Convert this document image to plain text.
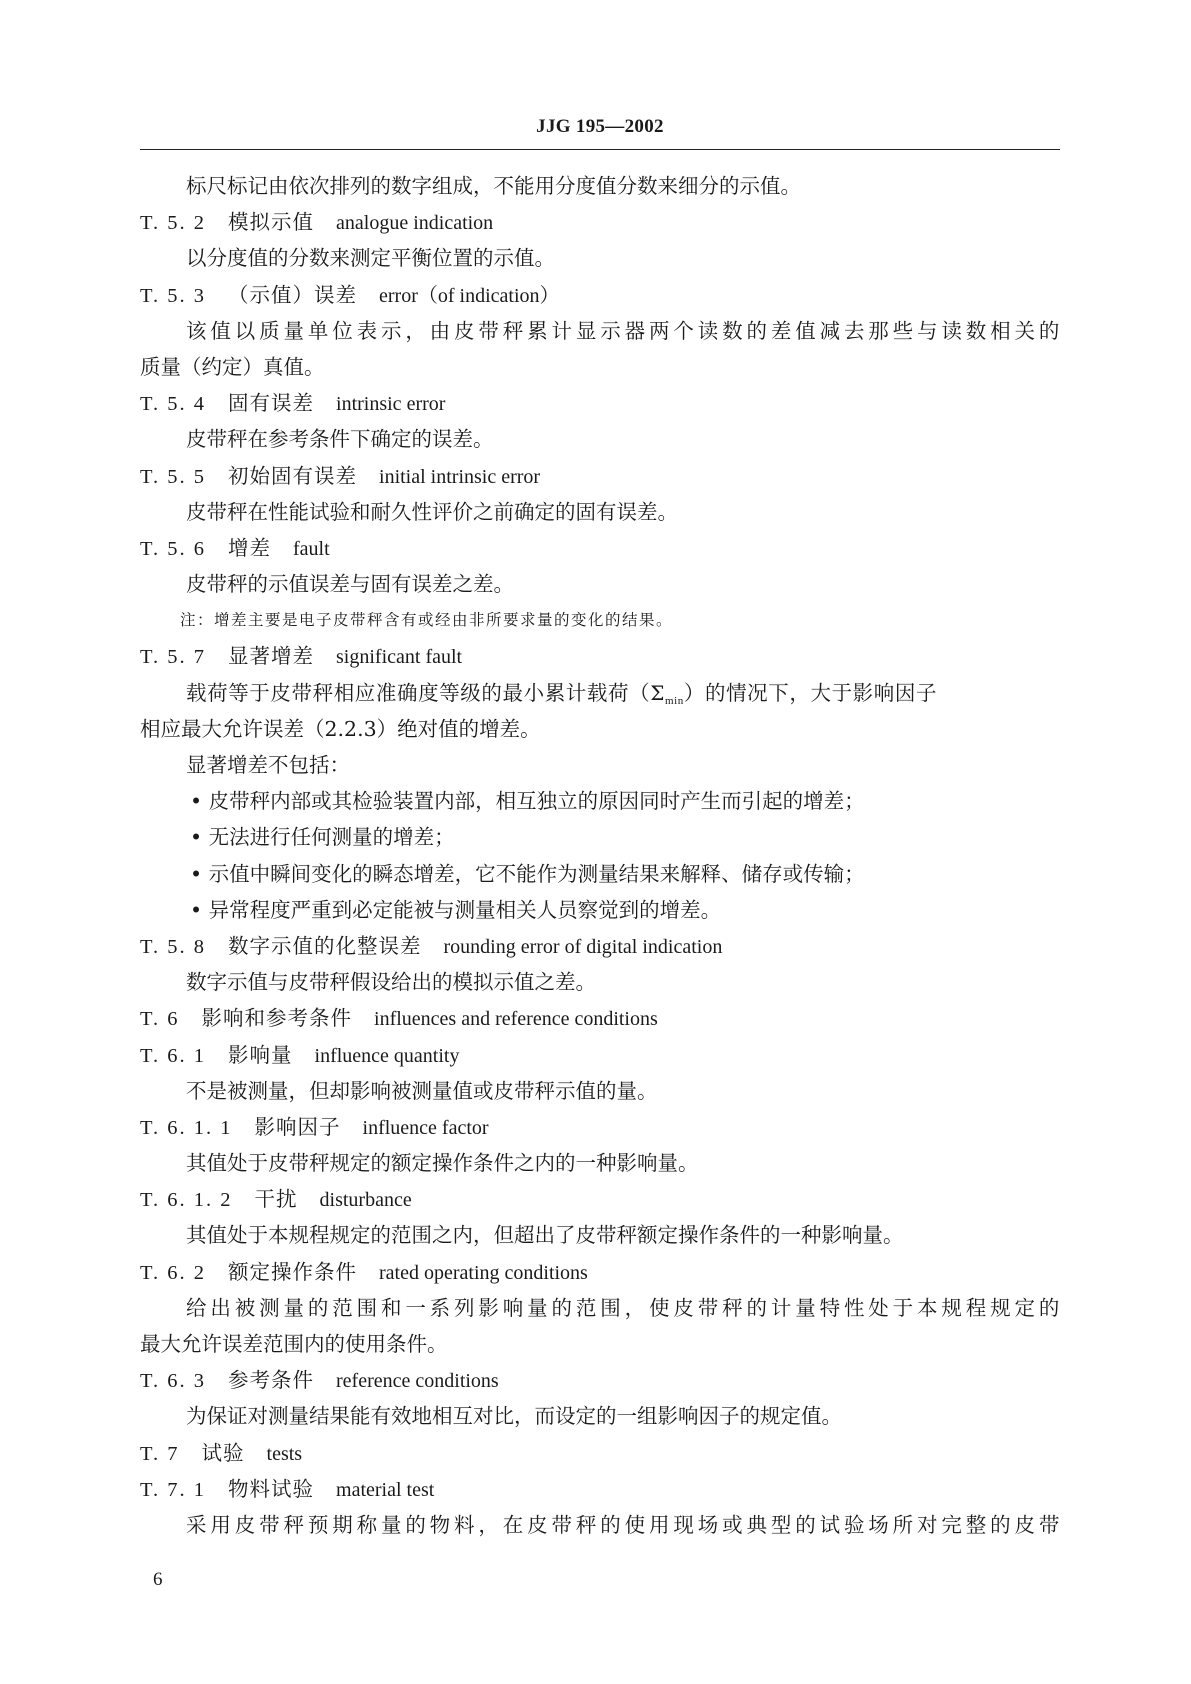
JJG 195—2002
标尺标记由依次排列的数字组成，不能用分度值分数来细分的示值。
T. 5. 2 模拟示值 analogue indication
以分度值的分数来测定平衡位置的示值。
T. 5. 3 （示值）误差 error（of indication）
该值以质量单位表示，由皮带秤累计显示器两个读数的差值减去那些与读数相关的
质量（约定）真值。
T. 5. 4 固有误差 intrinsic error
皮带秤在参考条件下确定的误差。
T. 5. 5 初始固有误差 initial intrinsic error
皮带秤在性能试验和耐久性评价之前确定的固有误差。
T. 5. 6 增差 fault
皮带秤的示值误差与固有误差之差。
注：增差主要是电子皮带秤含有或经由非所要求量的变化的结果。
T. 5. 7 显著增差 significant fault
载荷等于皮带秤相应准确度等级的最小累计载荷$(\Sigma_{min})$的情况下，大于影响因子
相应最大允许误差（2.2.3）绝对值的增差。
显著增差不包括：
• 皮带秤内部或其检验装置内部，相互独立的原因同时产生而引起的增差；
• 无法进行任何测量的增差；
• 示值中瞬间变化的瞬态增差，它不能作为测量结果来解释、储存或传输；
• 异常程度严重到必定能被与测量相关人员察觉到的增差。
T. 5. 8 数字示值的化整误差 rounding error of digital indication
数字示值与皮带秤假设给出的模拟示值之差。
T. 6 影响和参考条件 influences and reference conditions
T. 6. 1 影响量 influence quantity
不是被测量，但却影响被测量值或皮带秤示值的量。
T. 6. 1. 1 影响因子 influence factor
其值处于皮带秤规定的额定操作条件之内的一种影响量。
T. 6. 1. 2 干扰 disturbance
其值处于本规程规定的范围之内，但超出了皮带秤额定操作条件的一种影响量。
T. 6. 2 额定操作条件 rated operating conditions
给出被测量的范围和一系列影响量的范围，使皮带秤的计量特性处于本规程规定的
最大允许误差范围内的使用条件。
T. 6. 3 参考条件 reference conditions
为保证对测量结果能有效地相互对比，而设定的一组影响因子的规定值。
T. 7 试验 tests
T. 7. 1 物料试验 material test
采用皮带秤预期称量的物料，在皮带秤的使用现场或典型的试验场所对完整的皮带
6
